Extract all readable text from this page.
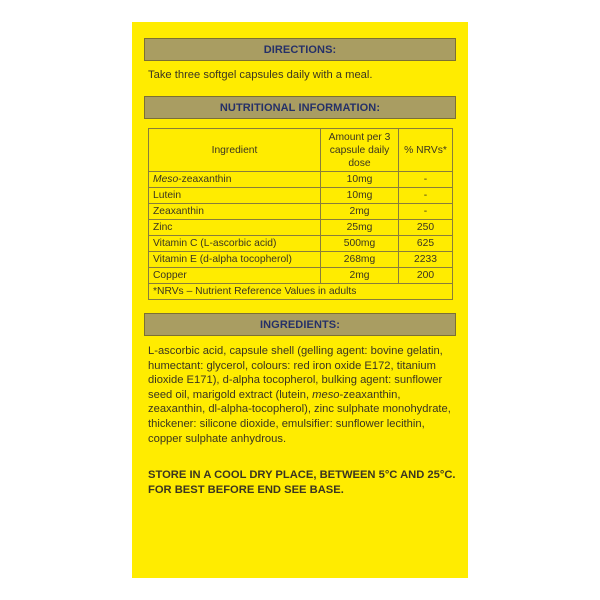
DIRECTIONS:
Take three softgel capsules daily with a meal.
NUTRITIONAL INFORMATION:
Ingredient	Amount per 3 capsule daily dose	% NRVs*
Meso-zeaxanthin	10mg	-
Lutein	10mg	-
Zeaxanthin	2mg	-
Zinc	25mg	250
Vitamin C (L-ascorbic acid)	500mg	625
Vitamin E (d-alpha tocopherol)	268mg	2233
Copper	2mg	200
*NRVs – Nutrient Reference Values in adults		
INGREDIENTS:
L-ascorbic acid, capsule shell (gelling agent: bovine gelatin, humectant: glycerol, colours: red iron oxide E172, titanium dioxide E171), d-alpha tocopherol, bulking agent: sunflower seed oil, marigold extract (lutein, meso-zeaxanthin, zeaxanthin, dl-alpha-tocopherol), zinc sulphate monohydrate, thickener: silicone dioxide, emulsifier: sunflower lecithin, copper sulphate anhydrous.
STORE IN A COOL DRY PLACE, BETWEEN 5°C AND 25°C. FOR BEST BEFORE END SEE BASE.
